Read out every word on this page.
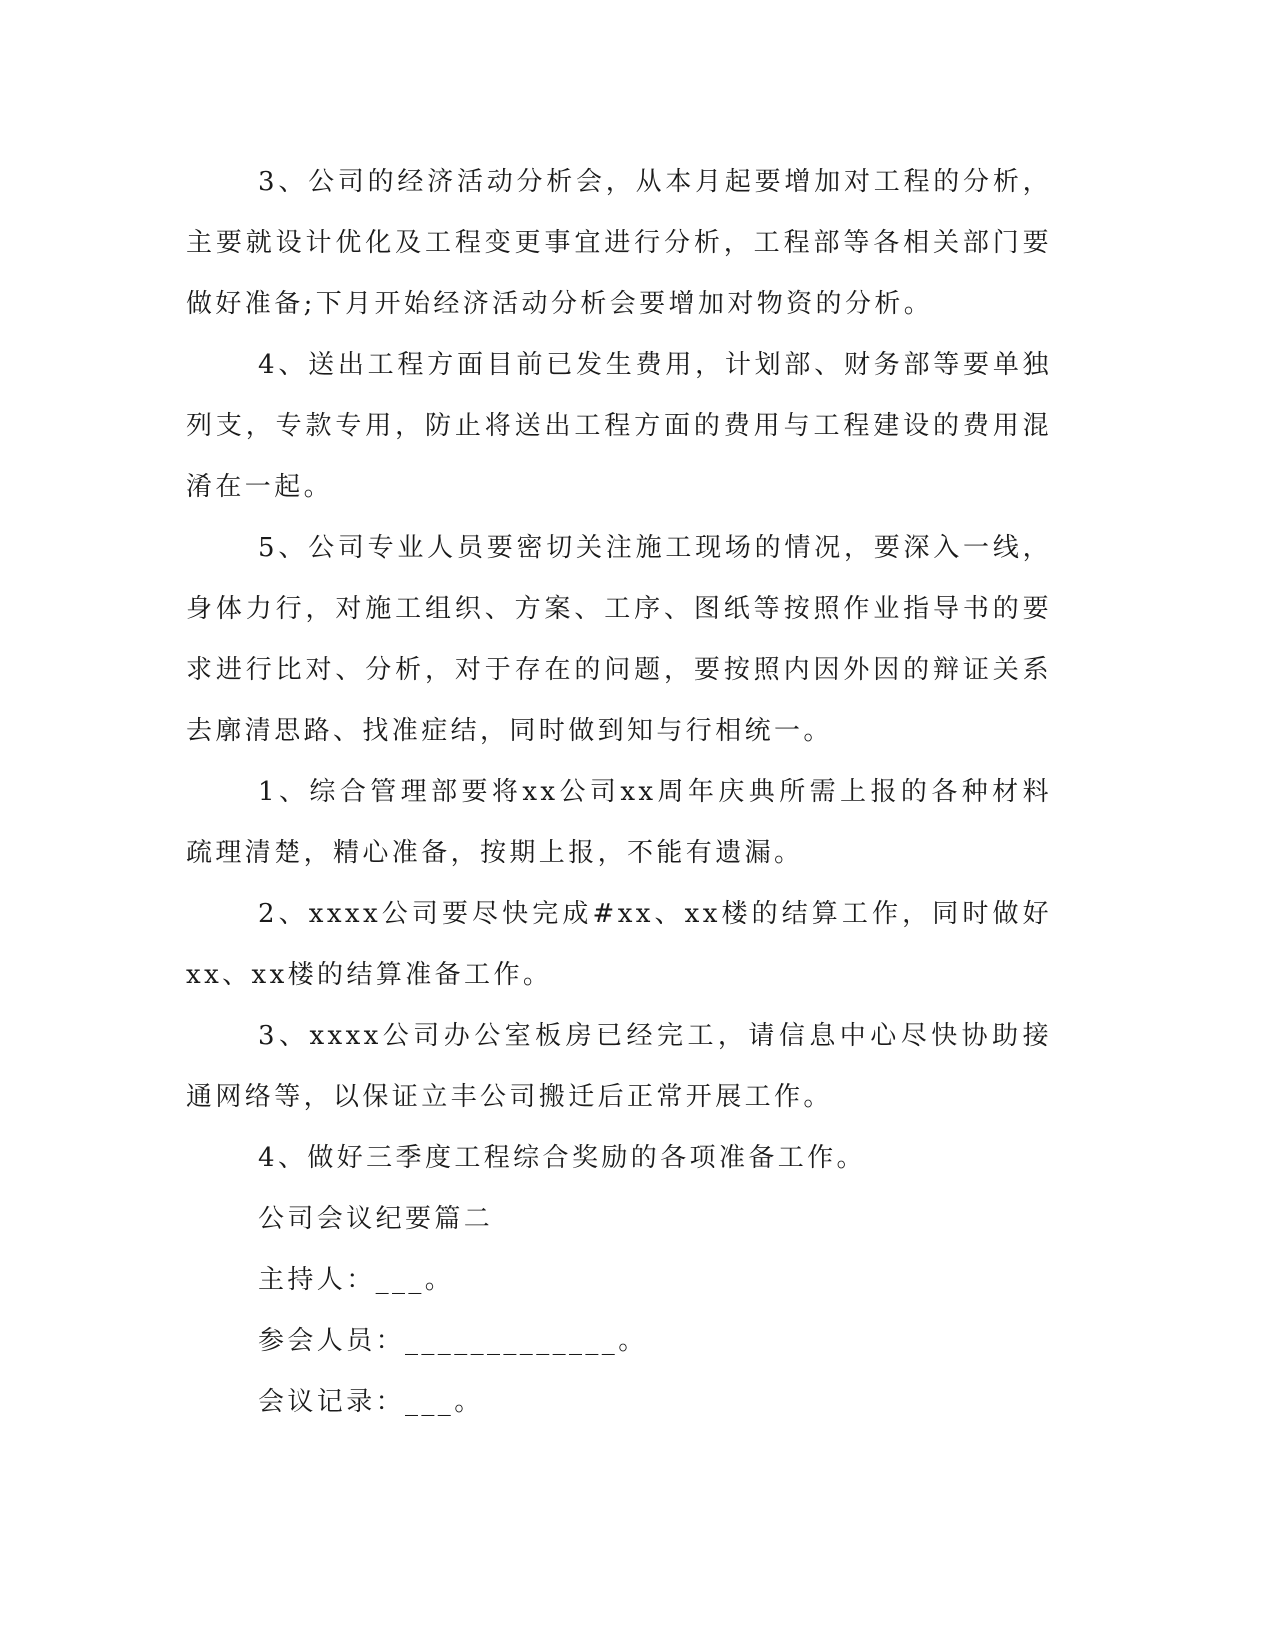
3、公司的经济活动分析会，从本月起要增加对工程的分析，主要就设计优化及工程变更事宜进行分析，工程部等各相关部门要做好准备;下月开始经济活动分析会要增加对物资的分析。

4、送出工程方面目前已发生费用，计划部、财务部等要单独列支，专款专用，防止将送出工程方面的费用与工程建设的费用混淆在一起。

5、公司专业人员要密切关注施工现场的情况，要深入一线，身体力行，对施工组织、方案、工序、图纸等按照作业指导书的要求进行比对、分析，对于存在的问题，要按照内因外因的辩证关系去廓清思路、找准症结，同时做到知与行相统一。

1、综合管理部要将xx公司xx周年庆典所需上报的各种材料疏理清楚，精心准备，按期上报，不能有遗漏。

2、xxxx公司要尽快完成#xx、xx楼的结算工作，同时做好xx、xx楼的结算准备工作。

3、xxxx公司办公室板房已经完工，请信息中心尽快协助接通网络等，以保证立丰公司搬迁后正常开展工作。

4、做好三季度工程综合奖励的各项准备工作。

公司会议纪要篇二

主持人：___。

参会人员：_____________。

会议记录：___。
